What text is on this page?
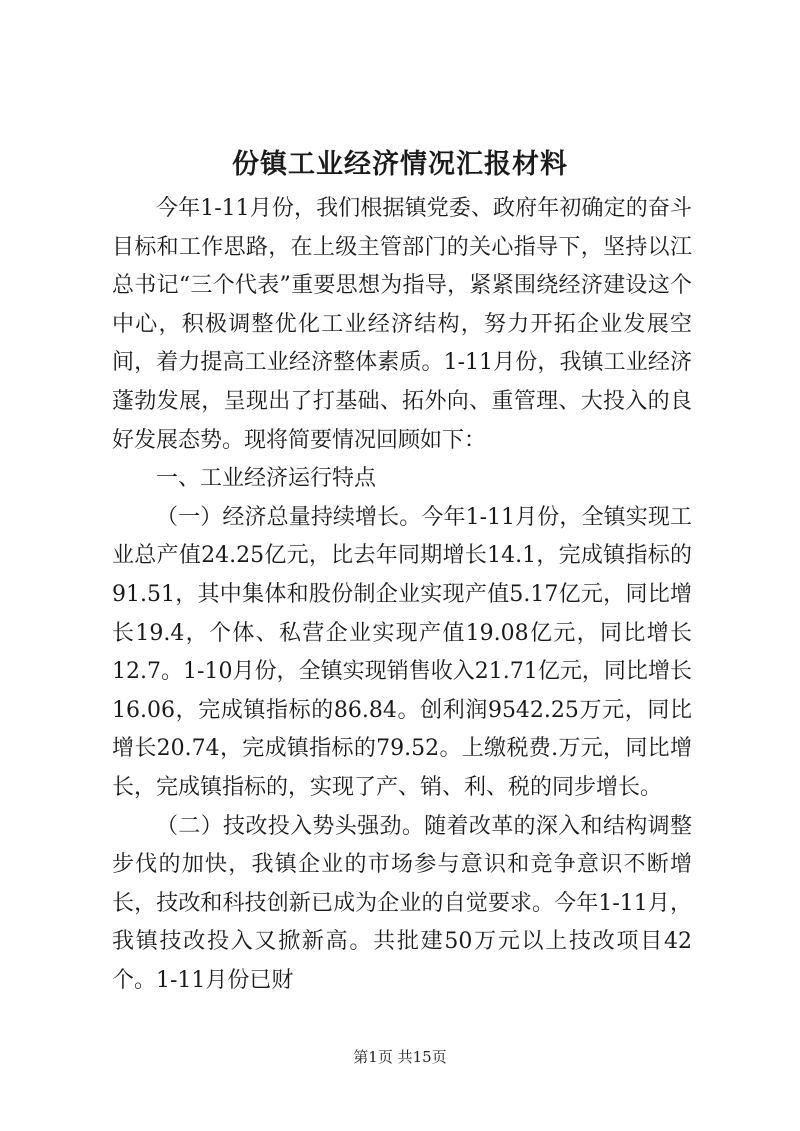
份镇工业经济情况汇报材料

今年1-11月份，我们根据镇党委、政府年初确定的奋斗目标和工作思路，在上级主管部门的关心指导下，坚持以江总书记“三个代表”重要思想为指导，紧紧围绕经济建设这个中心，积极调整优化工业经济结构，努力开拓企业发展空间，着力提高工业经济整体素质。1-11月份，我镇工业经济蓬勃发展，呈现出了打基础、拓外向、重管理、大投入的良好发展态势。现将简要情况回顾如下：

一、工业经济运行特点

（一）经济总量持续增长。今年1-11月份，全镇实现工业总产值24.25亿元，比去年同期增长14.1，完成镇指标的91.51，其中集体和股份制企业实现产值5.17亿元，同比增长19.4，个体、私营企业实现产值19.08亿元，同比增长12.7。1-10月份，全镇实现销售收入21.71亿元，同比增长16.06，完成镇指标的86.84。创利润9542.25万元，同比增长20.74，完成镇指标的79.52。上缴税费.万元，同比增长，完成镇指标的，实现了产、销、利、税的同步增长。

（二）技改投入势头强劲。随着改革的深入和结构调整步伐的加快，我镇企业的市场参与意识和竞争意识不断增长，技改和科技创新已成为企业的自觉要求。今年1-11月，我镇技改投入又掀新高。共批建50万元以上技改项目42个。1-11月份已财

第1页 共15页
